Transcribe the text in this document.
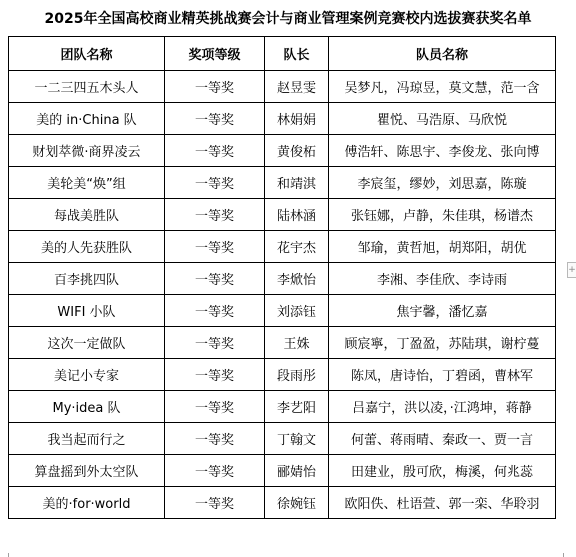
2025年全国高校商业精英挑战赛会计与商业管理案例竞赛校内选拔赛获奖名单
团队名称	奖项等级	队长	队员名称
一二三四五木头人	一等奖	赵昱雯	吴梦凡，冯琼昱，莫文慧，范一含
美的 in·China 队	一等奖	林娟娟	瞿悦、马浩原、马欣悦
财划萃微·商界凌云	一等奖	黄俊柘	傅浩轩、陈思宇、李俊龙、张向博
美轮美“焕”组	一等奖	和靖淇	李宸玺，缪妙，刘思嘉，陈璇
每战美胜队	一等奖	陆林涵	张钰娜，卢静，朱佳琪，杨谱杰
美的人先获胜队	一等奖	花宇杰	邹瑜，黄哲旭，胡郑阳，胡优
百李挑四队	一等奖	李焮怡	李湘、李佳欣、李诗雨
WIFI 小队	一等奖	刘添钰	焦宇馨，潘忆嘉
这次一定做队	一等奖	王姝	顾宸寧，丁盈盈，苏陆琪，谢柠蔓
美记小专家	一等奖	段雨彤	陈凤，唐诗怡，丁碧函，曹林军
My·idea 队	一等奖	李艺阳	吕嘉宁，洪以凌，·江鸿坤，蒋静
我当起而行之	一等奖	丁翰文	何蕾、蒋雨晴、秦政一、贾一言
算盘摇到外太空队	一等奖	郦婧怡	田建业，殷可欣，梅溪，何兆蕊
美的·for·world	一等奖	徐婉钰	欧阳佚、杜语萱、郭一栾、华聆羽
+
